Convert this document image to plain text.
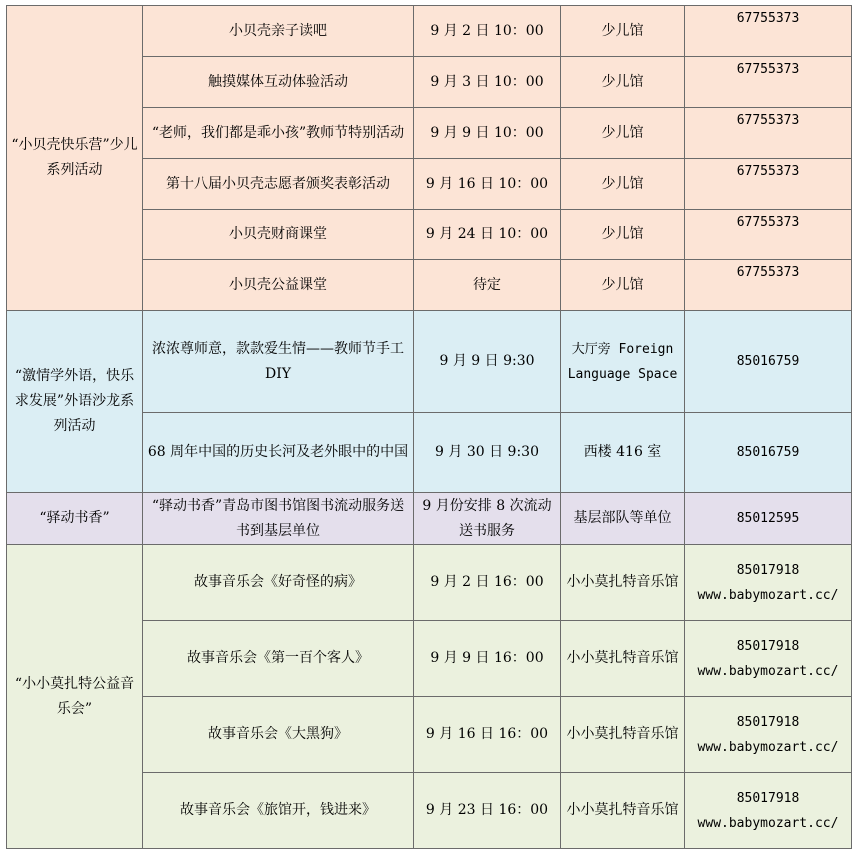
“小贝壳快乐营”少儿系列活动	小贝壳亲子读吧	9 月 2 日 10：00	少儿馆	67755373
	触摸媒体互动体验活动	9 月 3 日 10：00	少儿馆	67755373
	“老师，我们都是乖小孩”教师节特别活动	9 月 9 日 10：00	少儿馆	67755373
	第十八届小贝壳志愿者颁奖表彰活动	9 月 16 日 10：00	少儿馆	67755373
	小贝壳财商课堂	9 月 24 日 10：00	少儿馆	67755373
	小贝壳公益课堂	待定	少儿馆	67755373
“激情学外语，快乐求发展”外语沙龙系列活动	浓浓尊师意，款款爱生情——教师节手工 DIY	9 月 9 日 9:30	大厅旁 Foreign Language Space	85016759
	68 周年中国的历史长河及老外眼中的中国	9 月 30 日 9:30	西楼 416 室	85016759
“驿动书香”	“驿动书香”青岛市图书馆图书流动服务送书到基层单位	9 月份安排 8 次流动送书服务	基层部队等单位	85012595
“小小莫扎特公益音乐会”	故事音乐会《好奇怪的病》	9 月 2 日 16：00	小小莫扎特音乐馆	85017918
www.babymozart.cc/

	故事音乐会《第一百个客人》	9 月 9 日 16：00	小小莫扎特音乐馆	85017918
www.babymozart.cc/

	故事音乐会《大黑狗》	9 月 16 日 16：00	小小莫扎特音乐馆	85017918
www.babymozart.cc/

	故事音乐会《旅馆开，钱进来》	9 月 23 日 16：00	小小莫扎特音乐馆	85017918
www.babymozart.cc/
